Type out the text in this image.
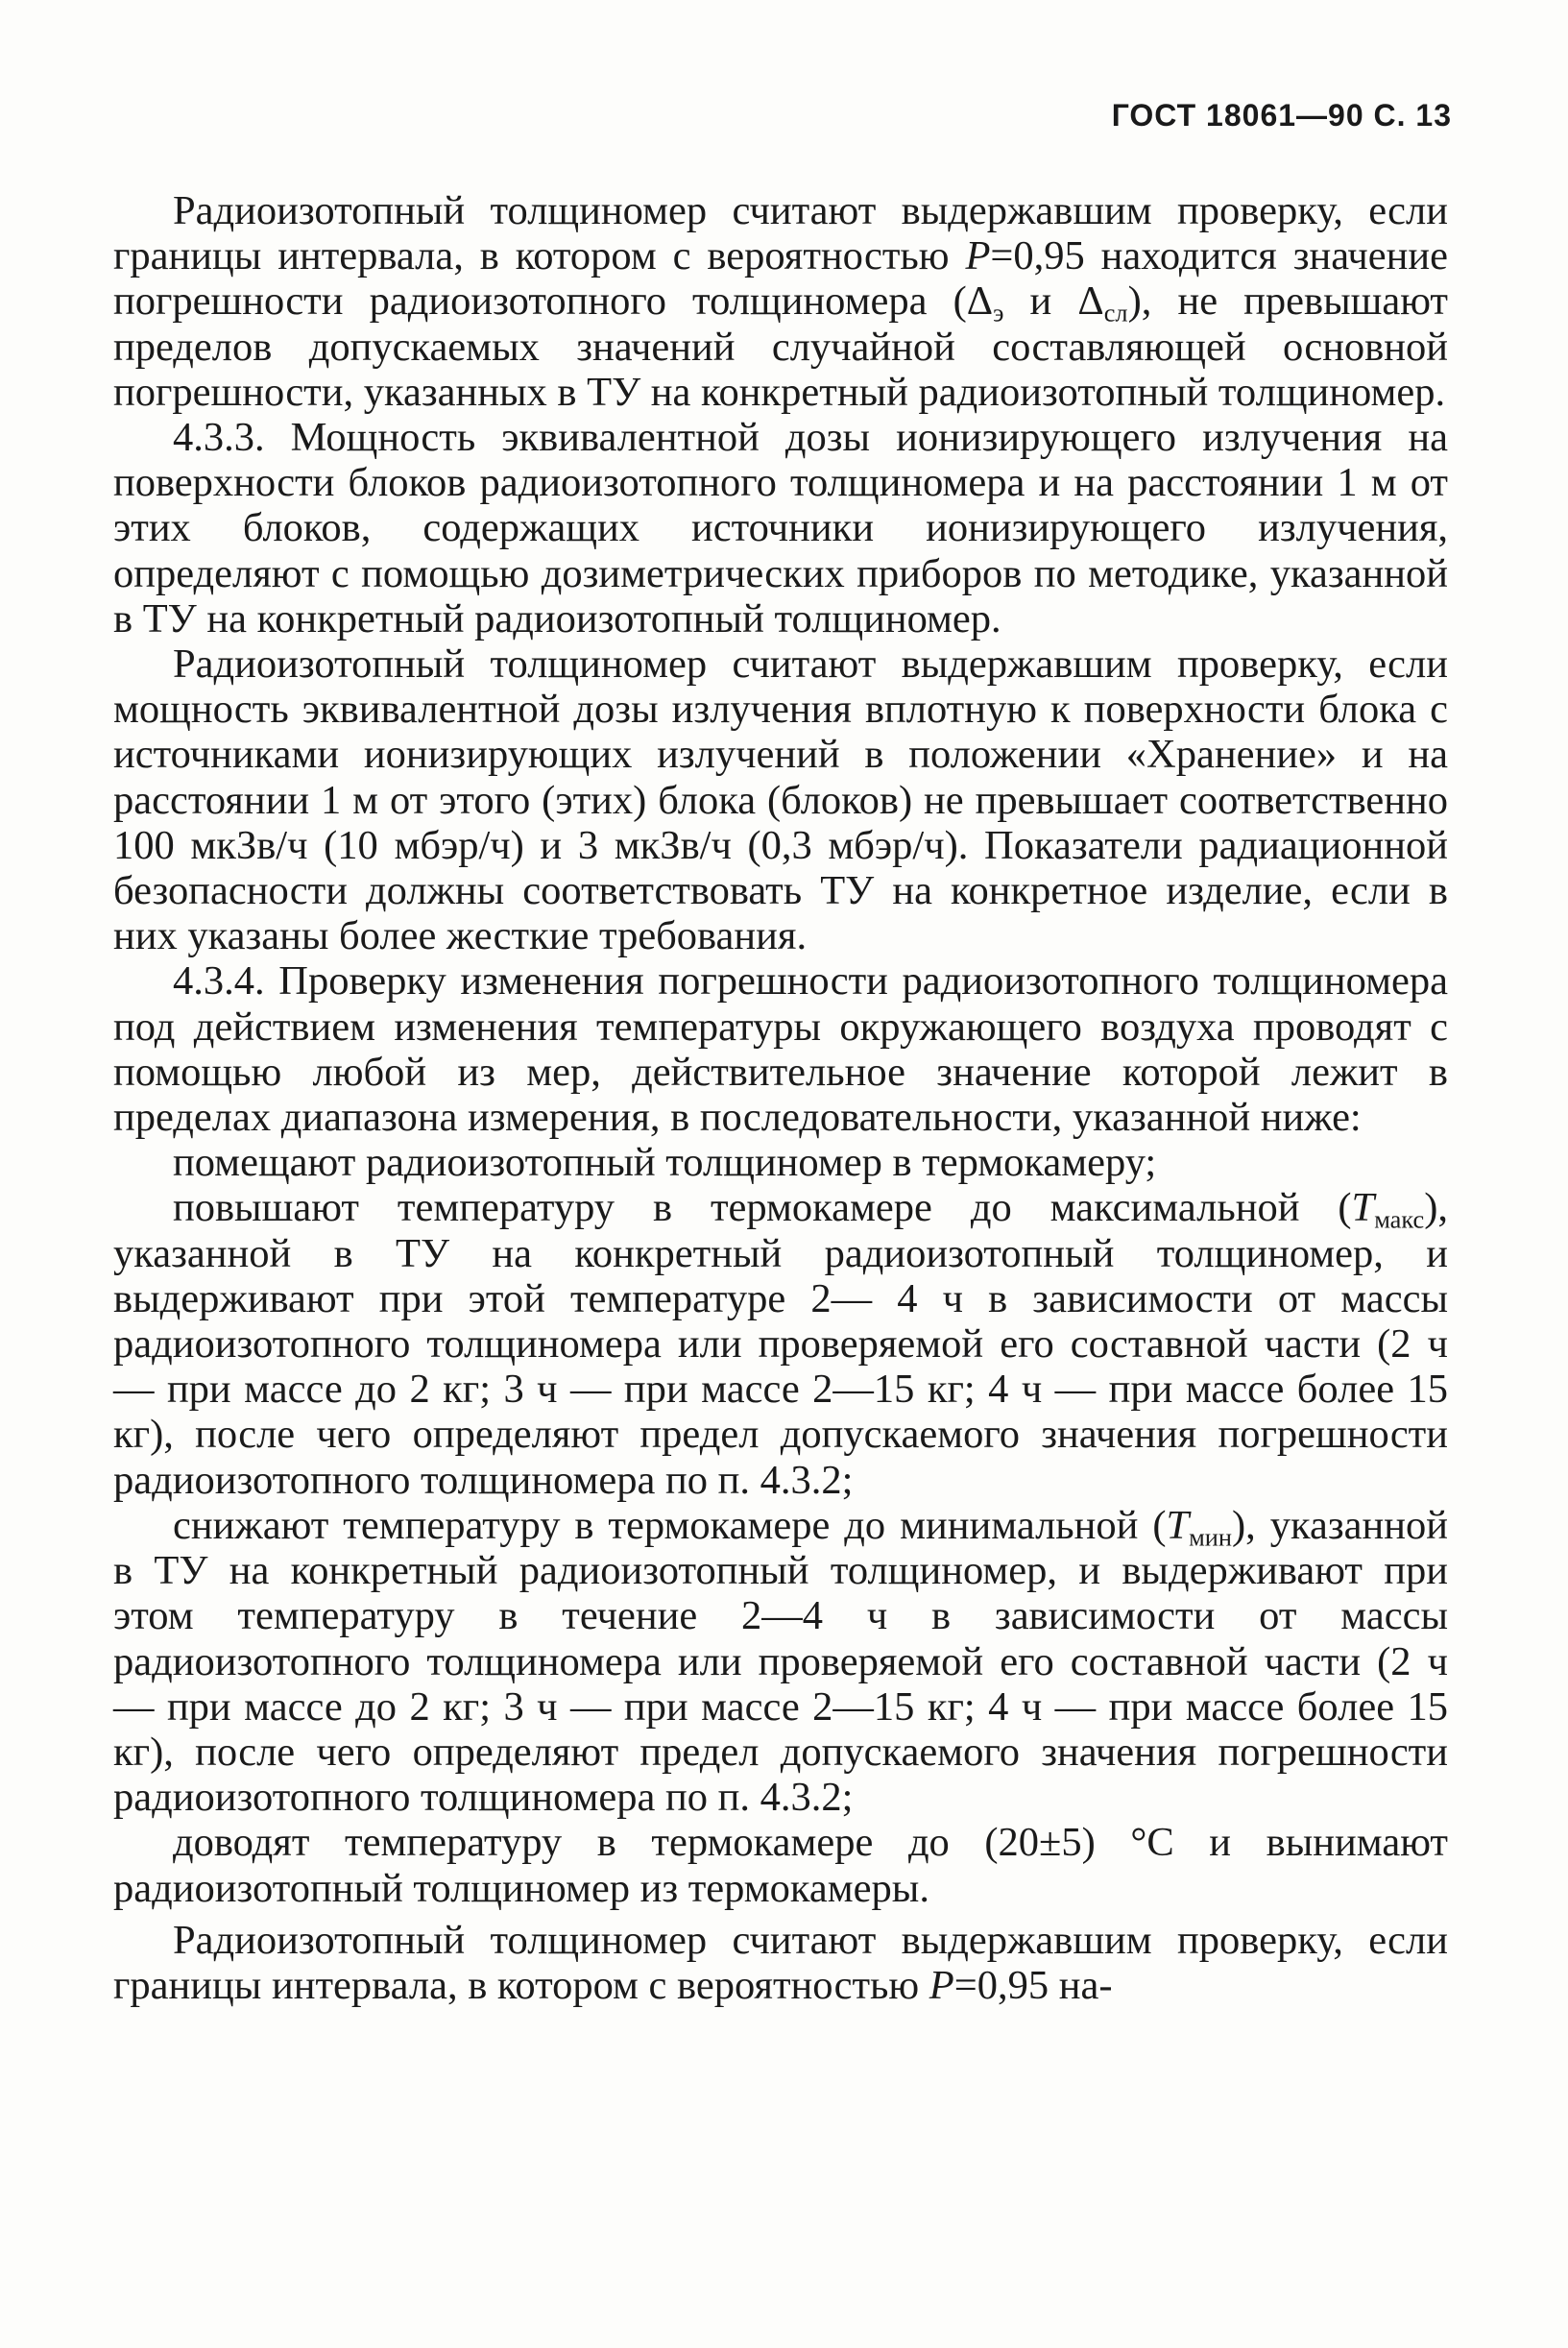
ГОСТ 18061—90 С. 13

Радиоизотопный толщиномер считают выдержавшим проверку, если границы интервала, в котором с вероятностью P=0,95 находится значение погрешности радиоизотопного толщиномера ($\Delta_э$ и $\Delta_{сл}$), не превышают пределов допускаемых значений случайной составляющей основной погрешности, указанных в ТУ на конкретный радиоизотопный толщиномер.

4.3.3. Мощность эквивалентной дозы ионизирующего излучения на поверхности блоков радиоизотопного толщиномера и на расстоянии 1 м от этих блоков, содержащих источники ионизирующего излучения, определяют с помощью дозиметрических приборов по методике, указанной в ТУ на конкретный радиоизотопный толщиномер.

Радиоизотопный толщиномер считают выдержавшим проверку, если мощность эквивалентной дозы излучения вплотную к поверхности блока с источниками ионизирующих излучений в положении «Хранение» и на расстоянии 1 м от этого (этих) блока (блоков) не превышает соответственно 100 мкЗв/ч (10 мбэр/ч) и 3 мкЗв/ч (0,3 мбэр/ч). Показатели радиационной безопасности должны соответствовать ТУ на конкретное изделие, если в них указаны более жесткие требования.

4.3.4. Проверку изменения погрешности радиоизотопного толщиномера под действием изменения температуры окружающего воздуха проводят с помощью любой из мер, действительное значение которой лежит в пределах диапазона измерения, в последовательности, указанной ниже:

помещают радиоизотопный толщиномер в термокамеру;

повышают температуру в термокамере до максимальной $(T_{макс})$, указанной в ТУ на конкретный радиоизотопный толщиномер, и выдерживают при этой температуре 2— 4 ч в зависимости от массы радиоизотопного толщиномера или проверяемой его составной части (2 ч — при массе до 2 кг; 3 ч — при массе 2—15 кг; 4 ч — при массе более 15 кг), после чего определяют предел допускаемого значения погрешности радиоизотопного толщиномера по п. 4.3.2;

снижают температуру в термокамере до минимальной $(T_{мин})$, указанной в ТУ на конкретный радиоизотопный толщиномер, и выдерживают при этом температуру в течение 2—4 ч в зависимости от массы радиоизотопного толщиномера или проверяемой его составной части (2 ч — при массе до 2 кг; 3 ч — при массе 2—15 кг; 4 ч — при массе более 15 кг), после чего определяют предел допускаемого значения погрешности радиоизотопного толщиномера по п. 4.3.2;

доводят температуру в термокамере до (20±5) °С и вынимают радиоизотопный толщиномер из термокамеры.

Радиоизотопный толщиномер считают выдержавшим проверку, если границы интервала, в котором с вероятностью P=0,95 на-
